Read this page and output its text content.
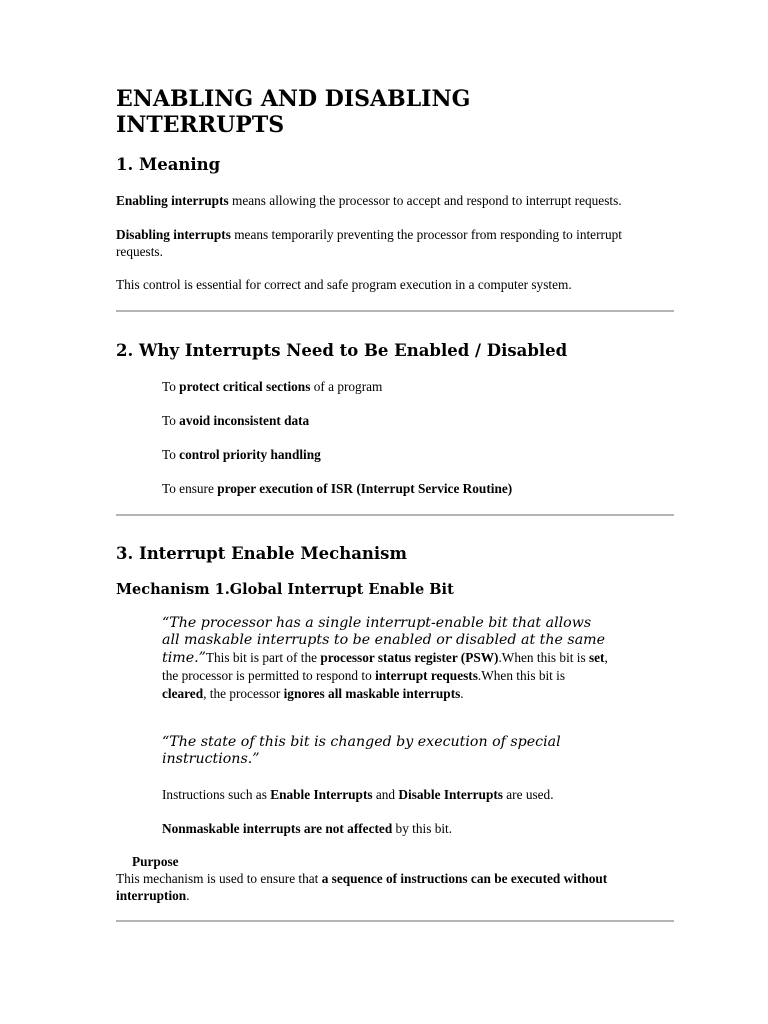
ENABLING AND DISABLING INTERRUPTS
1. Meaning

Enabling interrupts means allowing the processor to accept and respond to interrupt requests.

Disabling interrupts means temporarily preventing the processor from responding to interrupt requests.

This control is essential for correct and safe program execution in a computer system.

2. Why Interrupts Need to Be Enabled / Disabled

To protect critical sections of a program

To avoid inconsistent data

To control priority handling

To ensure proper execution of ISR (Interrupt Service Routine)

3. Interrupt Enable Mechanism
Mechanism 1.Global Interrupt Enable Bit

“The processor has a single interrupt-enable bit that allows all maskable interrupts to be enabled or disabled at the same time.”This bit is part of the processor status register (PSW).When this bit is set, the processor is permitted to respond to interrupt requests.When this bit is cleared, the processor ignores all maskable interrupts.

“The state of this bit is changed by execution of special instructions.”

Instructions such as Enable Interrupts and Disable Interrupts are used.

Nonmaskable interrupts are not affected by this bit.

Purpose

This mechanism is used to ensure that a sequence of instructions can be executed without interruption.
